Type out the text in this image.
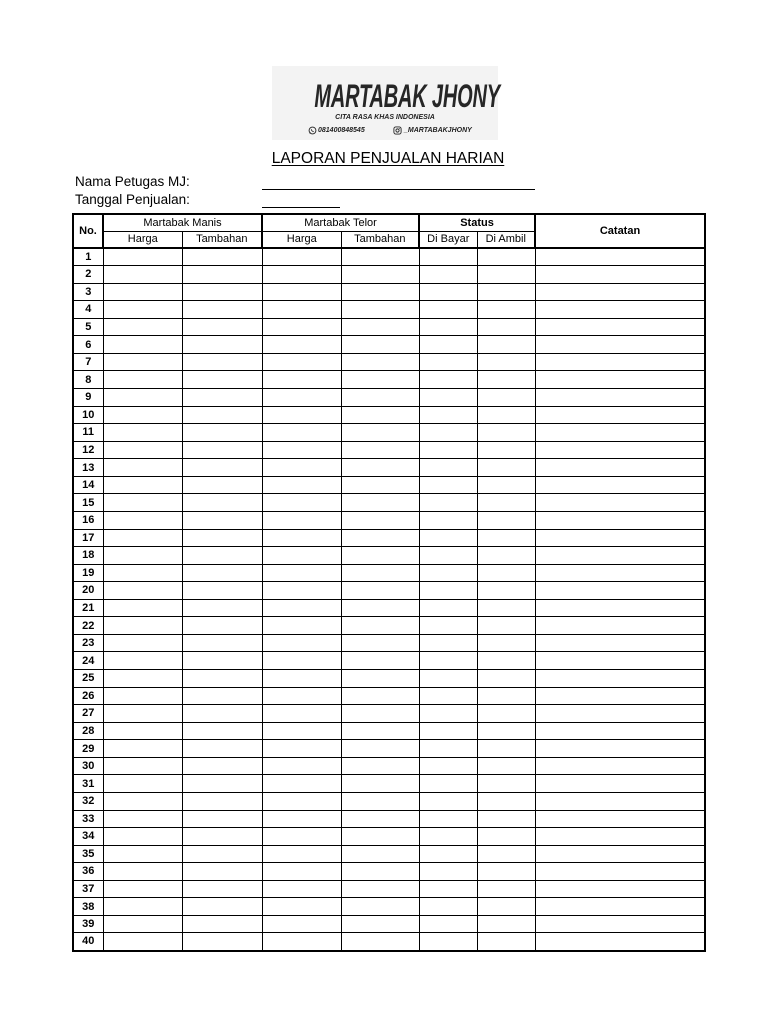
MARTABAK JHONY
CITA RASA KHAS INDONESIA
081400848545	_MARTABAKJHONY
LAPORAN PENJUALAN HARIAN
Nama Petugas MJ:
Tanggal Penjualan:
No.	Martabak Manis		Martabak Telor		Status		Catatan
	Harga	Tambahan	Harga	Tambahan	Di Bayar	Di Ambil	
1							
2							
3							
4							
5							
6							
7							
8							
9							
10							
11							
12							
13							
14							
15							
16							
17							
18							
19							
20							
21							
22							
23							
24							
25							
26							
27							
28							
29							
30							
31							
32							
33							
34							
35							
36							
37							
38							
39							
40							
